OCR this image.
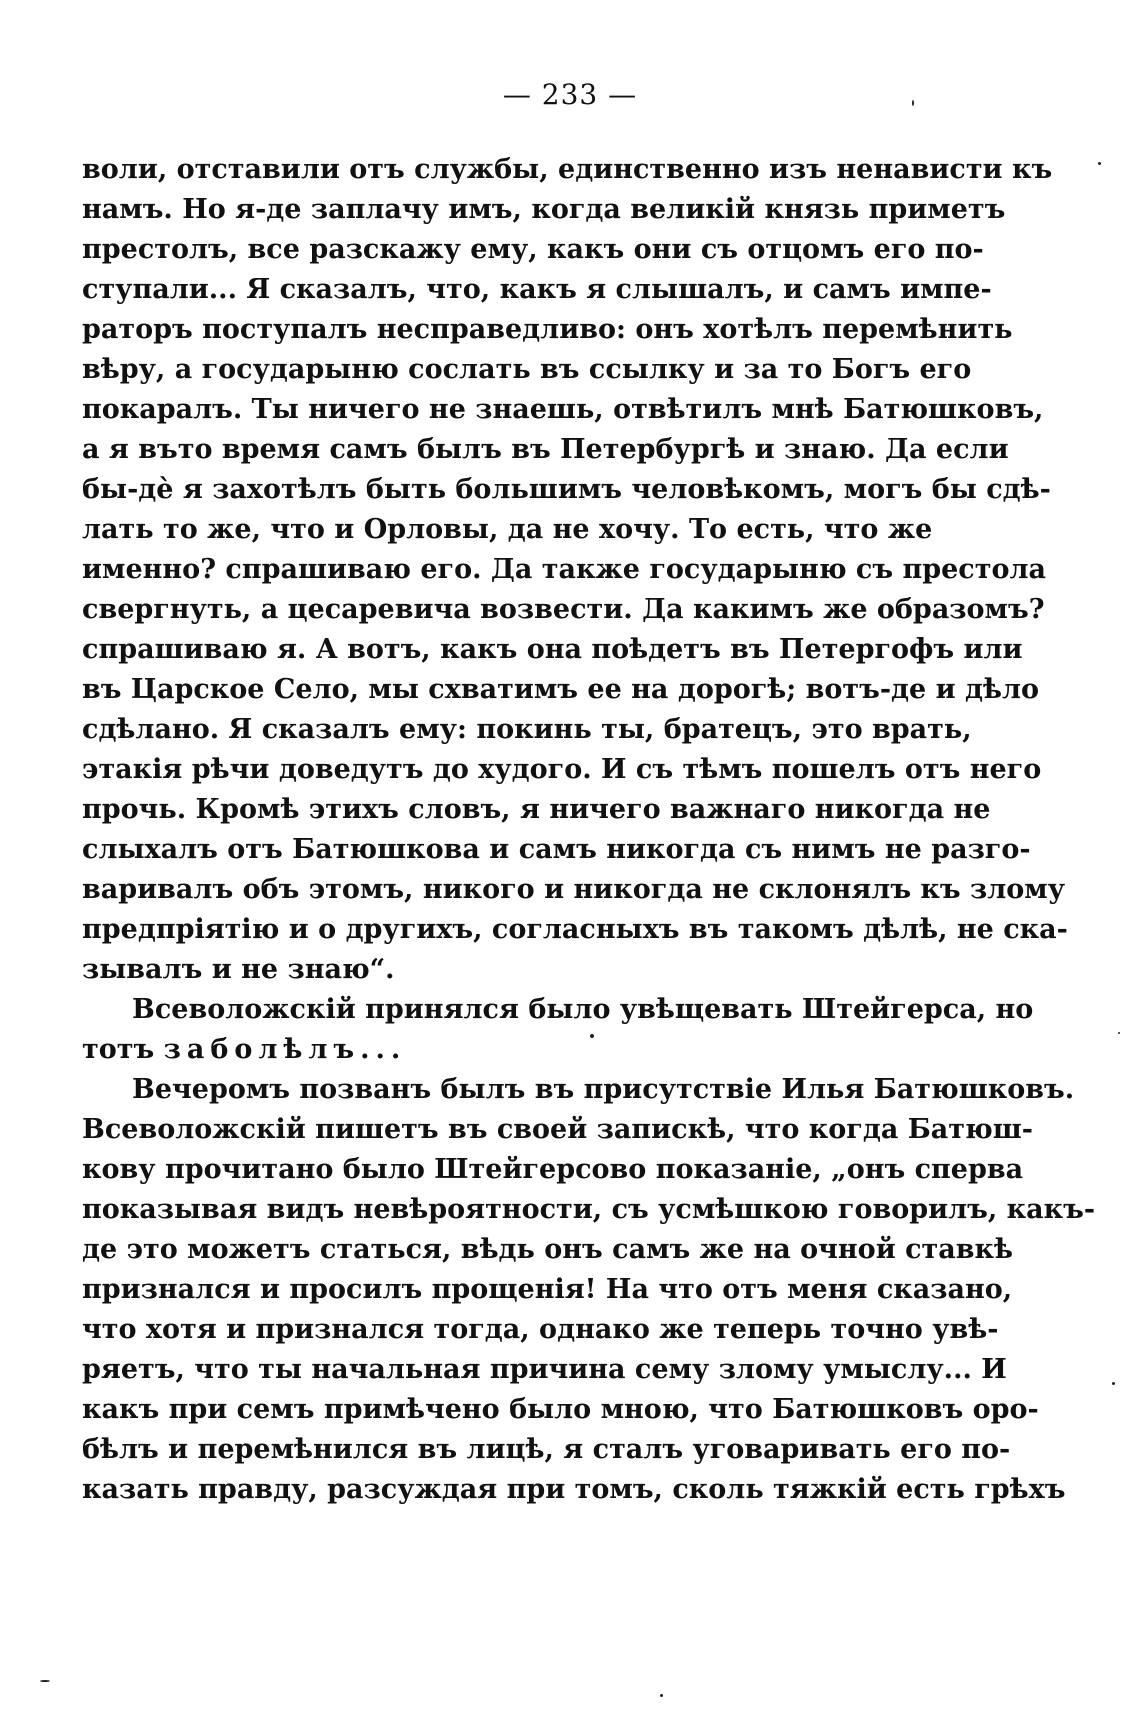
— 233 —
воли, отставили отъ службы, единственно изъ ненависти къ
намъ. Но я-де заплачу имъ, когда великій князь приметъ
престолъ, все разскажу ему, какъ они съ отцомъ его по-
ступали... Я сказалъ, что, какъ я слышалъ, и самъ импе-
раторъ поступалъ несправедливо: онъ хотѣлъ перемѣнить
вѣру, а государыню сослать въ ссылку и за то Богъ его
покаралъ. Ты ничего не знаешь, отвѣтилъ мнѣ Батюшковъ,
а я въто время самъ былъ въ Петербургѣ и знаю. Да если
бы-дѐ я захотѣлъ быть большимъ человѣкомъ, могъ бы сдѣ-
лать то же, что и Орловы, да не хочу. То есть, что же
именно? спрашиваю его. Да также государыню съ престола
свергнуть, а цесаревича возвести. Да какимъ же образомъ?
спрашиваю я. А вотъ, какъ она поѣдетъ въ Петергофъ или
въ Царское Село, мы схватимъ ее на дорогѣ; вотъ-де и дѣло
сдѣлано. Я сказалъ ему: покинь ты, братецъ, это врать,
этакія рѣчи доведутъ до худого. И съ тѣмъ пошелъ отъ него
прочь. Кромѣ этихъ словъ, я ничего важнаго никогда не
слыхалъ отъ Батюшкова и самъ никогда съ нимъ не разго-
варивалъ объ этомъ, никого и никогда не склонялъ къ злому
предпріятію и о другихъ, согласныхъ въ такомъ дѣлѣ, не ска-
зывалъ и не знаю“.
Всеволожскій принялся было увѣщевать Штейгерса, но
тотъ заболѣлъ...
Вечеромъ позванъ былъ въ присутствіе Илья Батюшковъ.
Всеволожскій пишетъ въ своей запискѣ, что когда Батюш-
кову прочитано было Штейгерсово показаніе, „онъ сперва
показывая видъ невѣроятности, съ усмѣшкою говорилъ, какъ-
де это можетъ статься, вѣдь онъ самъ же на очной ставкѣ
признался и просилъ прощенія! На что отъ меня сказано,
что хотя и признался тогда, однако же теперь точно увѣ-
ряетъ, что ты начальная причина сему злому умыслу... И
какъ при семъ примѣчено было мною, что Батюшковъ оро-
бѣлъ и перемѣнился въ лицѣ, я сталъ уговаривать его по-
казать правду, разсуждая при томъ, сколь тяжкій есть грѣхъ
